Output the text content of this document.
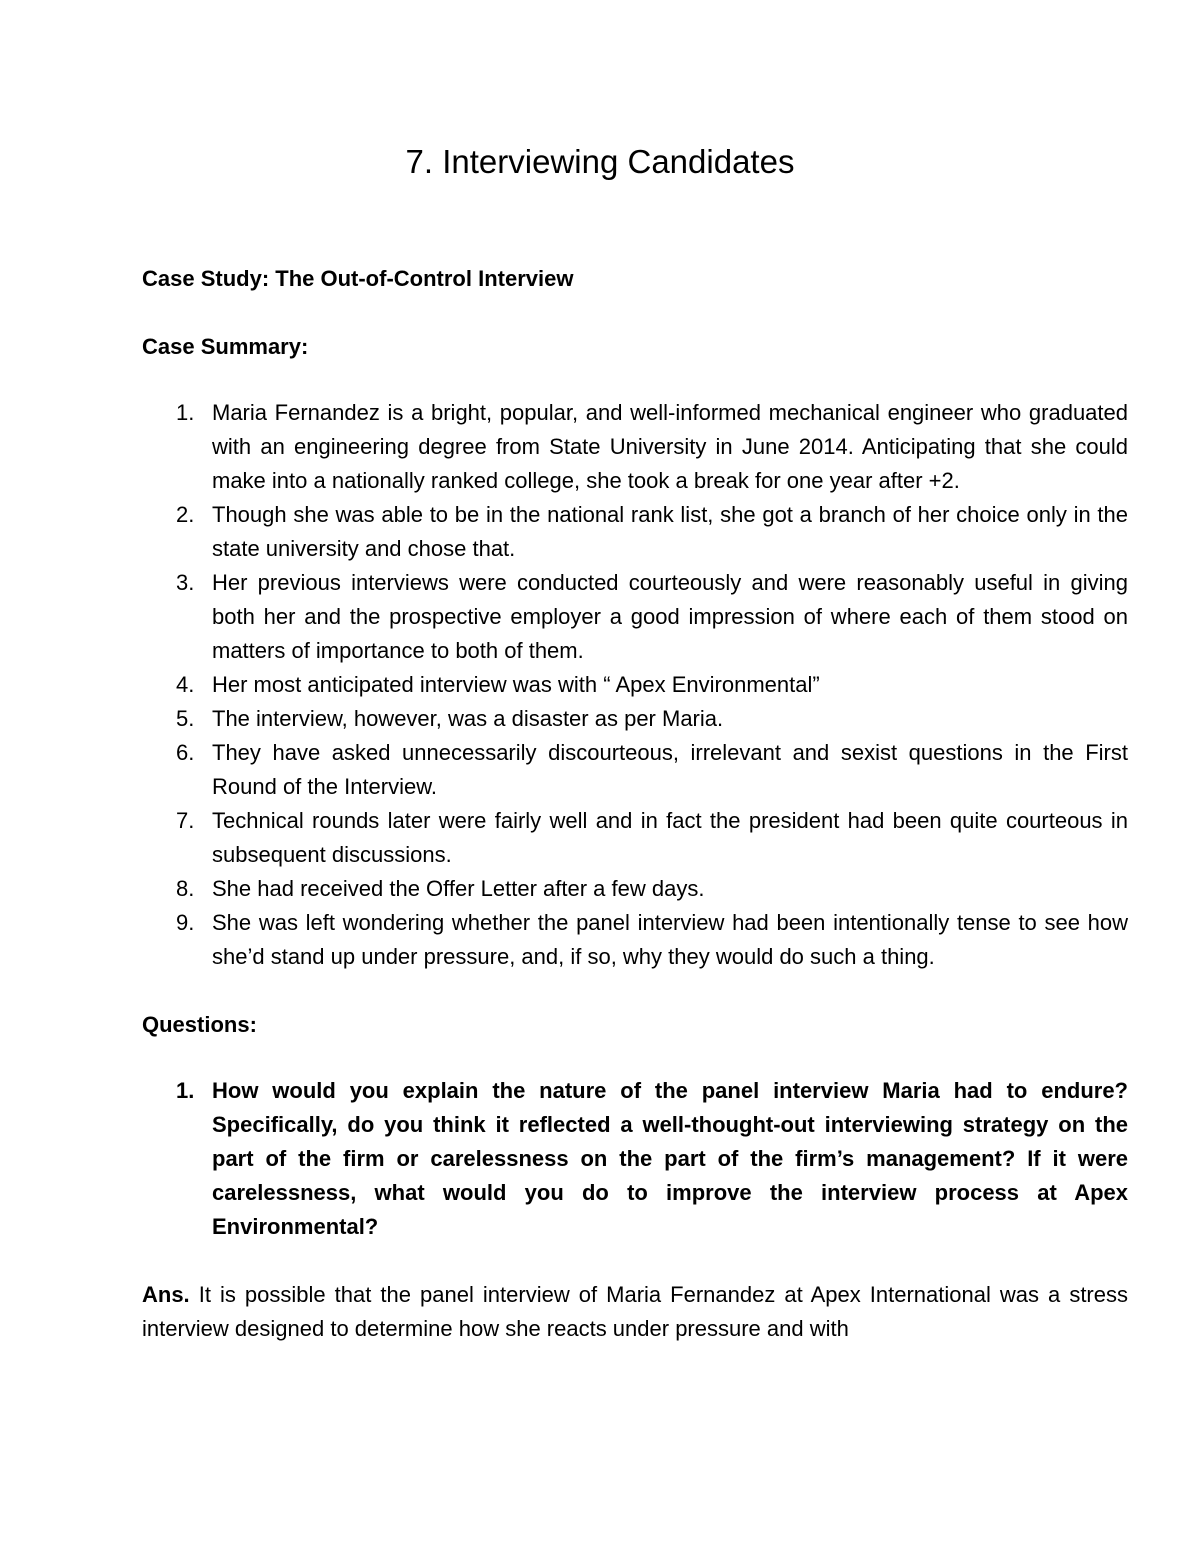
7. Interviewing Candidates

Case Study: The Out-of-Control Interview

Case Summary:

1. Maria Fernandez is a bright, popular, and well-informed mechanical engineer who graduated with an engineering degree from State University in June 2014. Anticipating that she could make into a nationally ranked college, she took a break for one year after +2.
2. Though she was able to be in the national rank list, she got a branch of her choice only in the state university and chose that.
3. Her previous interviews were conducted courteously and were reasonably useful in giving both her and the prospective employer a good impression of where each of them stood on matters of importance to both of them.
4. Her most anticipated interview was with “ Apex Environmental”
5. The interview, however, was a disaster as per Maria.
6. They have asked unnecessarily discourteous, irrelevant and sexist questions in the First Round of the Interview.
7. Technical rounds later were fairly well and in fact the president had been quite courteous in subsequent discussions.
8. She had received the Offer Letter after a few days.
9. She was left wondering whether the panel interview had been intentionally tense to see how she’d stand up under pressure, and, if so, why they would do such a thing.

Questions:

1. How would you explain the nature of the panel interview Maria had to endure? Specifically, do you think it reflected a well-thought-out interviewing strategy on the part of the firm or carelessness on the part of the firm’s management? If it were carelessness, what would you do to improve the interview process at Apex Environmental?

Ans. It is possible that the panel interview of Maria Fernandez at Apex International was a stress interview designed to determine how she reacts under pressure and with
